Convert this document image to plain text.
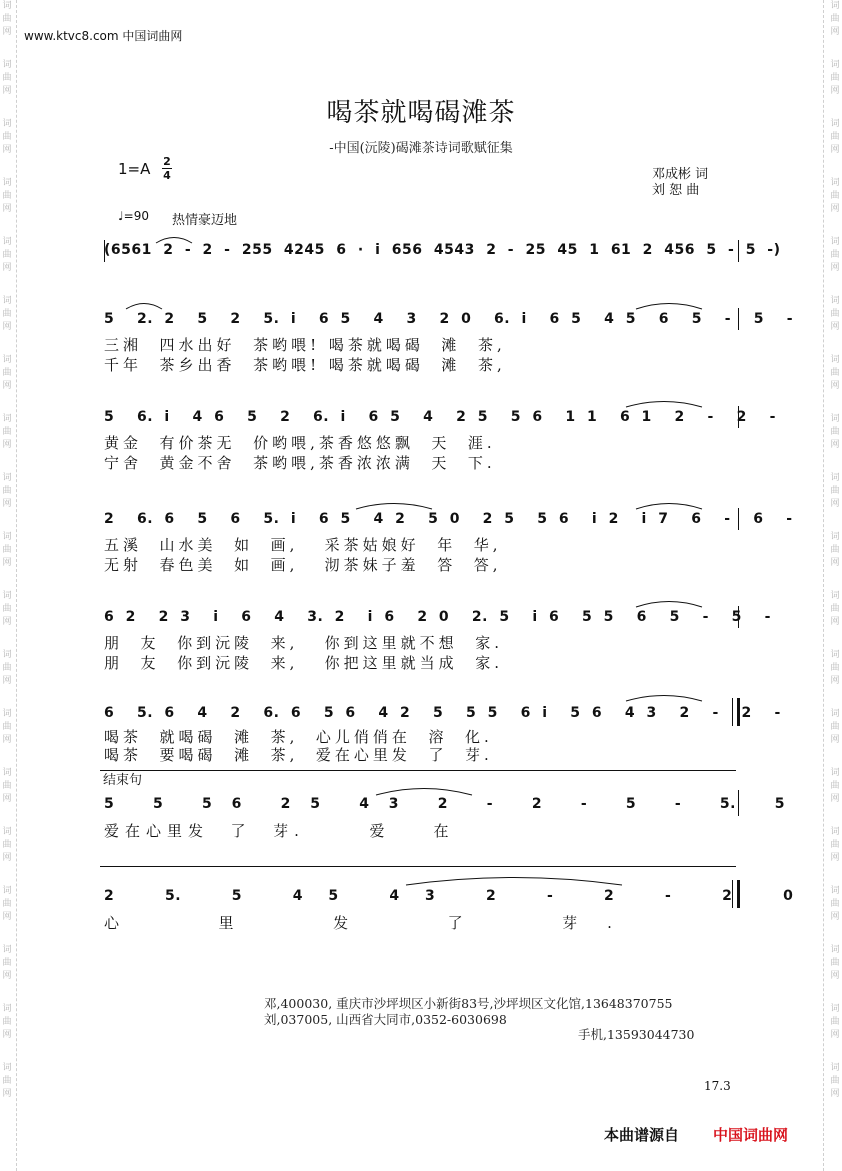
词
曲
网
词
曲
网
词
曲
网
词
曲
网
词
曲
网
词
曲
网
词
曲
网
词
曲
网
词
曲
网
词
曲
网
词
曲
网
词
曲
网
词
曲
网
词
曲
网
词
曲
网
词
曲
网
词
曲
网
词
曲
网
词
曲
网
词
曲
网
词
曲
网
词
曲
网
词
曲
网
词
曲
网
词
曲
网
词
曲
网
词
曲
网
词
曲
网
词
曲
网
词
曲
网
词
曲
网
词
曲
网
词
曲
网
词
曲
网
词
曲
网
词
曲
网
词
曲
网
词
曲
网
www.ktvc8.com 中国词曲网
喝茶就喝碣滩茶
-中国(沅陵)碣滩茶诗词歌赋征集
1=A 2
4	邓成彬 词
刘 恕 曲
♩=90 热情豪迈地
(6561 2 - 2 - 255 4245 6 · i 656 4543 2 - 25 45 1 61 2 456 5 - 5 -)
5  2. 2  5  2  5. i  6 5  4  3  2 0  6. i  6 5  4 5  6  5  -  5  -
三湘  四水出好  茶哟喂! 喝茶就喝碣  滩  茶,
千年  茶乡出香  茶哟喂! 喝茶就喝碣  滩  茶,
5  6. i  4 6  5  2  6. i  6 5  4  2 5  5 6  1 1  6 1  2  -  2  -
黄金  有价茶无  价哟喂,茶香悠悠飘  天  涯.
宁舍  黄金不舍  茶哟喂,茶香浓浓满  天  下.
2  6. 6  5  6  5. i  6 5  4 2  5 0  2 5  5 6  i 2  i 7  6  -  6  -
五溪  山水美  如  画,   采茶姑娘好  年  华,
无射  春色美  如  画,   沏茶妹子羞  答  答,
6 2  2 3  i  6  4  3. 2  i 6  2 0  2. 5  i 6  5 5  6  5  -  5  -
朋  友  你到沅陵  来,   你到这里就不想  家.
朋  友  你到沅陵  来,   你把这里就当成  家.
6  5. 6  4  2  6. 6  5 6  4 2  5  5 5  6 i  5 6  4 3  2  -  2  -
喝茶  就喝碣  滩  茶,  心儿俏俏在  溶  化.
喝茶  要喝碣  滩  茶,  爱在心里发  了  芽.
结束句
5  5  5 6  2 5  4 3  2  -  2  -  5  -  5.  5
爱在心里发  了  芽.      爱    在
2  5.  5  4 5  4 3  2  -  2  -  2  0
心  里  发  了  芽.
邓,400030, 重庆市沙坪坝区小新街83号,沙坪坝区文化馆,13648370755
刘,037005, 山西省大同市,0352-6030698
手机,13593044730
17.3
本曲谱源自 中国词曲网
